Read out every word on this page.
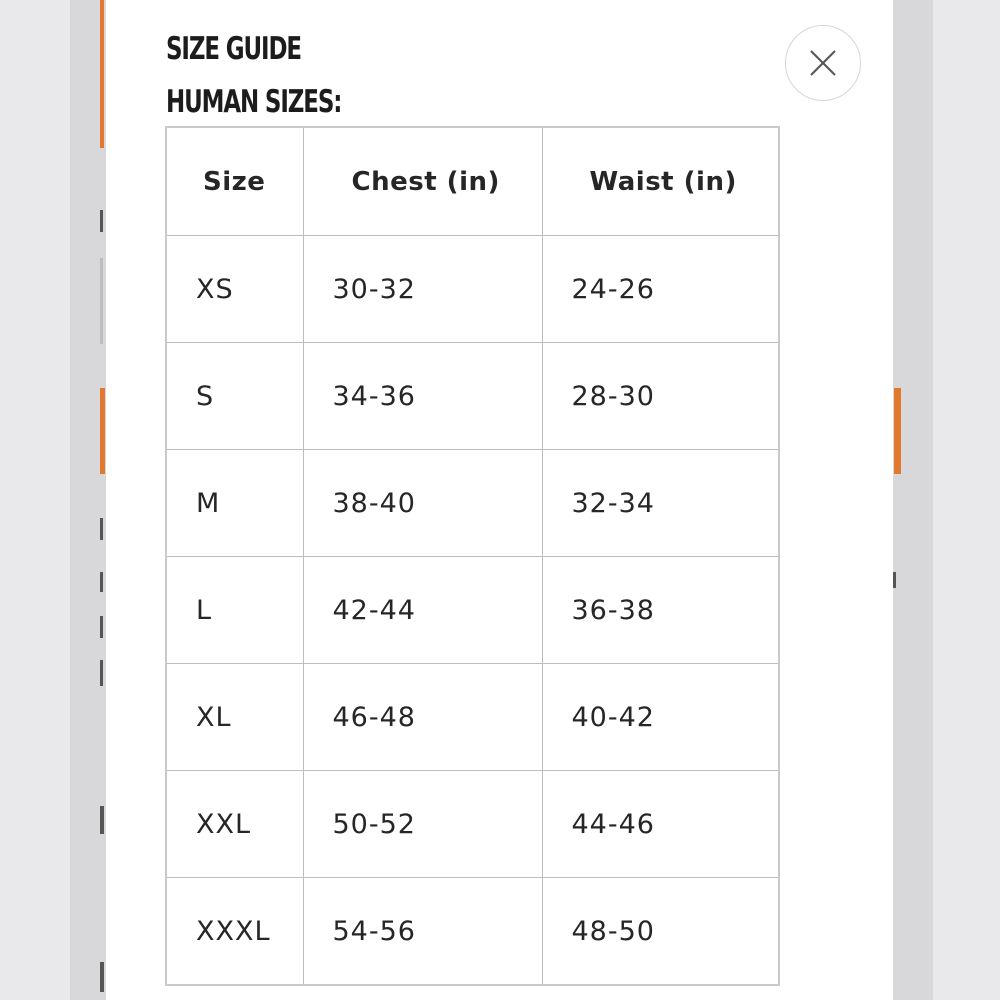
SIZE GUIDE
HUMAN SIZES:
Size	Chest (in)	Waist (in)
XS	30-32	24-26
S	34-36	28-30
M	38-40	32-34
L	42-44	36-38
XL	46-48	40-42
XXL	50-52	44-46
XXXL	54-56	48-50
